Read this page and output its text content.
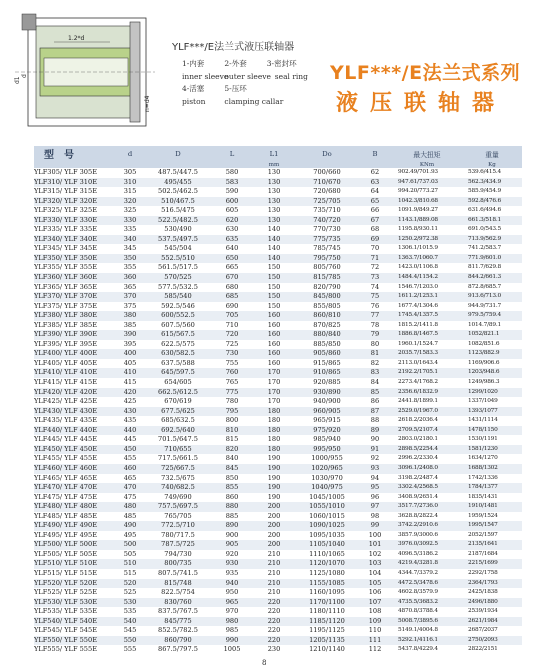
1.2*d
d1
d
n=d4
YLF***/E法兰式液压联轴器
1-内套	2-外套	3-密封环
inner sleeve outer sleeve seal ring
4-活塞	5-压环
piston	clamping callar
YLF***/E法兰式系列
液压联轴器
型　号	d	D	L	L1	Do	B	最大扭矩	重量
				mm			KNm	Kg
YLF305/ YLF 305E	305	487.5/447.5	580	130	700/660	62	902.49/701.93	539.6/415.4
YLF310/ YLF 310E	310	495/455	583	130	710/670	63	947.61/737.03	562.3/434.9
YLF315/ YLF 315E	315	502.5/462.5	590	130	720/680	64	994.20/773.27	585.9/454.9
YLF320/ YLF 320E	320	510/467.5	600	130	725/705	65	1042.3/810.68	592.8/476.6
YLF325/ YLF 325E	325	516.5/475	605	130	735/710	66	1091.9/849.27	631.6/494.6
YLF330/ YLF 330E	330	522.5/482.5	620	130	740/720	67	1143.1/889.08	661.3/518.1
YLF335/ YLF 335E	335	530/490	630	140	770/730	68	1195.8/930.11	691.0/543.5
YLF340/ YLF 340E	340	537.5/497.5	635	140	775/735	69	1250.2/972.38	713.9/562.9
YLF345/ YLF 345E	345	545/504	640	140	785/745	70	1306.1/1015.9	741.2/583.7
YLF350/ YLF 350E	350	552.5/510	650	140	795/750	71	1363.7/1060.7	771.9/601.0
YLF355/ YLF 355E	355	561.5/517.5	665	150	805/760	72	1423.0/1106.8	811.7/629.8
YLF360/ YLF 360E	360	570/525	670	150	815/785	73	1484.4/1154.2	844.2/661.3
YLF365/ YLF 365E	365	577.5/532.5	680	150	820/790	74	1546.7/1203.0	872.8/685.7
YLF370/ YLF 370E	370	585/540	685	150	845/800	75	1611.2/1253.1	913.6/713.0
YLF375/ YLF 375E	375	592.5/546	690	150	855/805	76	1677.4/1304.6	944.9/731.7
YLF380/ YLF 380E	380	600/552.5	705	160	860/810	77	1745.4/1357.5	979.5/759.4
YLF385/ YLF 385E	385	607.5/560	710	160	870/825	78	1815.2/1411.8	1014.7/89.1
YLF390/ YLF 390E	390	615/567.5	720	160	880/840	79	1886.8/1467.5	1052/821.1
YLF395/ YLF 395E	395	622.5/575	725	160	885/850	80	1960.1/1524.7	1082/851.6
YLF400/ YLF 400E	400	630/582.5	730	160	905/860	81	2035.7/1583.3	1123/882.9
YLF405/ YLF 405E	405	637.5/588	755	160	915/865	82	2113.0/1643.4	1169/906.6
YLF410/ YLF 410E	410	645/597.5	760	170	910/865	83	2192.2/1705.1	1203/948.6
YLF415/ YLF 415E	415	654/605	765	170	920/885	84	2273.4/1768.2	1249/986.3
YLF420/ YLF 420E	420	662.5/612.5	775	170	930/890	85	2356.6/1832.9	1299/1020
YLF425/ YLF 425E	425	670/619	780	170	940/900	86	2441.8/1899.1	1337/1049
YLF430/ YLF 430E	430	677.5/625	795	180	960/905	87	2529.0/1967.0	1393/1077
YLF435/ YLF 435E	435	685/632.5	800	180	965/915	88	2618.2/2036.4	1431/1114
YLF440/ YLF 440E	440	692.5/640	810	180	975/920	89	2709.5/2107.4	1478/1150
YLF445/ YLF 445E	445	701.5/647.5	815	180	985/940	90	2803.0/2180.1	1530/1191
YLF450/ YLF 450E	450	710/655	820	180	995/950	91	2898.5/2254.4	1581/1230
YLF455/ YLF 455E	455	717.5/661.5	840	190	1000/955	92	2996.2/2330.4	1634/1270
YLF460/ YLF 460E	460	725/667.5	845	190	1020/965	93	3096.1/2408.0	1688/1302
YLF465/ YLF 465E	465	732.5/675	850	190	1030/970	94	3198.2/2487.4	1742/1336
YLF470/ YLF 470E	470	740/682.5	855	190	1040/975	95	3302.4/2568.5	1784/1377
YLF475/ YLF 475E	475	749/690	860	190	1045/1005	96	3408.9/2651.4	1835/1431
YLF480/ YLF 480E	480	757.5/697.5	880	200	1055/1010	97	3517.7/2736.0	1910/1481
YLF485/ YLF 485E	485	765/705	885	200	1060/1015	98	3628.8/2822.4	1959/1524
YLF490/ YLF 490E	490	772.5/710	890	200	1090/1025	99	3742.2/2910.6	1995/1547
YLF495/ YLF 495E	495	780/717.5	900	200	1095/1035	100	3857.9/3000.6	2052/1597
YLF500/ YLF 500E	500	787.5/725	905	200	1105/1040	101	3976.0/3092.5	2135/1641
YLF505/ YLF 505E	505	794/730	920	210	1110/1065	102	4096.5/3186.2	2187/1684
YLF510/ YLF 510E	510	800/735	930	210	1120/1070	103	4219.4/3281.8	2215/1699
YLF515/ YLF 515E	515	807.5/741.5	935	210	1125/1080	104	4344.7/3379.2	2292/1758
YLF520/ YLF 520E	520	815/748	940	210	1155/1085	105	4472.5/3478.6	2364/1793
YLF525/ YLF 525E	525	822.5/754	950	210	1160/1095	106	4602.8/3579.9	2425/1838
YLF530/ YLF 530E	530	830/760	965	220	1170/1100	107	4735.5/3683.2	2496/1880
YLF535/ YLF 535E	535	837.5/767.5	970	220	1180/1110	108	4870.8/3788.4	2539/1934
YLF540/ YLF 540E	540	845/775	980	220	1185/1120	109	5008.7/3895.6	2621/1984
YLF545/ YLF 545E	545	852.5/782.5	985	220	1195/1125	110	5149.1/4004.8	2687/2037
YLF550/ YLF 550E	550	860/790	990	220	1205/1135	111	5292.1/4116.1	2750/2093
YLF555/ YLF 555E	555	867.5/797.5	1005	230	1210/1140	112	5437.8/4229.4	2822/2151
8
